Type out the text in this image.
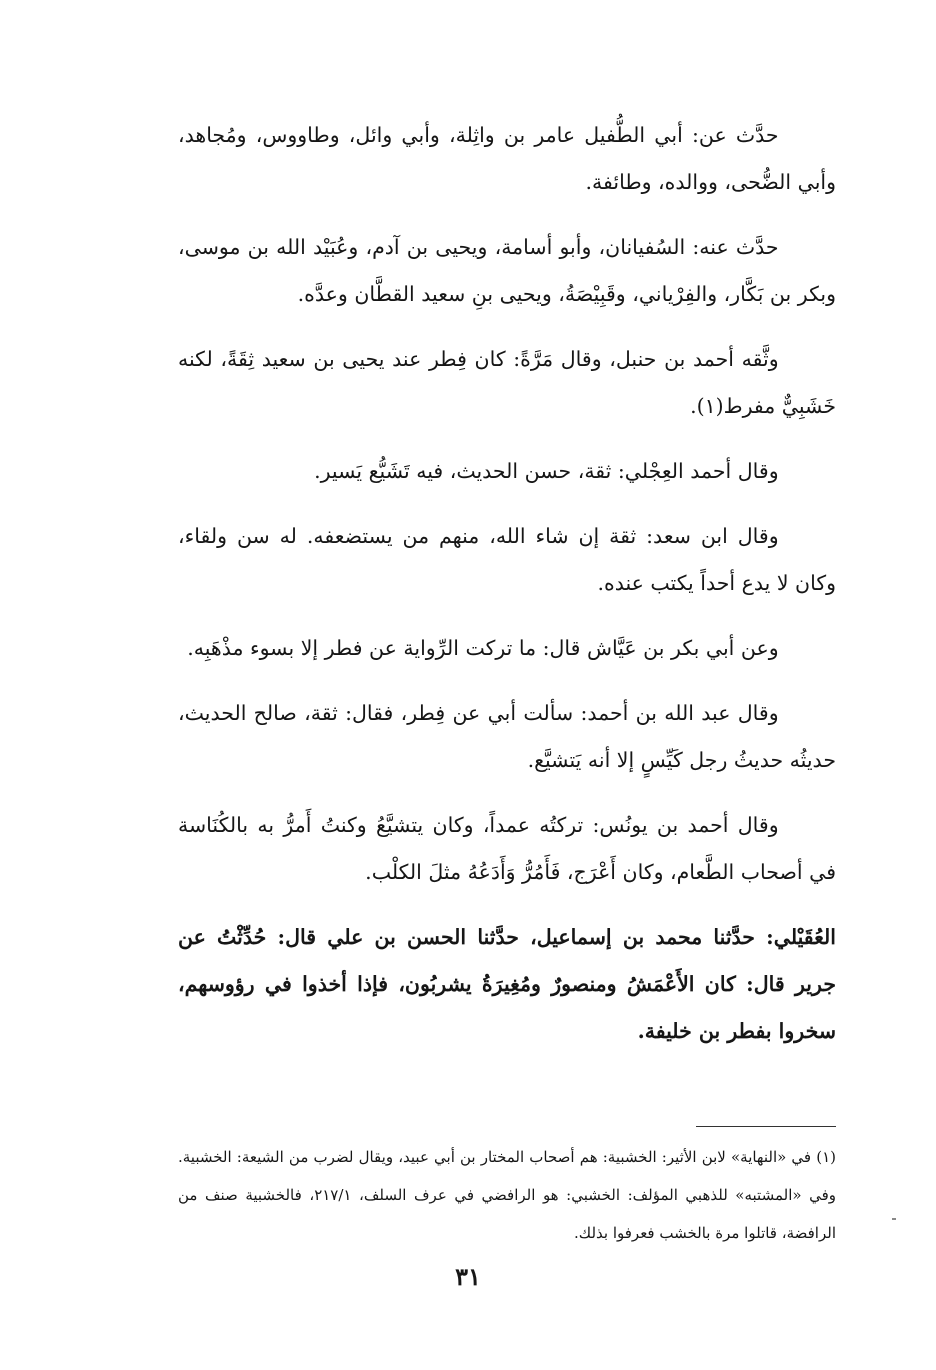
حدَّث عن: أبي الطُّفيل عامر بن واثِلة، وأبي وائل، وطاووس، ومُجاهد، وأبي الضُّحى، ووالده، وطائفة.

حدَّث عنه: السُفيانان، وأبو أسامة، ويحيى بن آدم، وعُبَيْد الله بن موسى، وبكر بن بَكَّار، والفِرْياني، وقَبِيْصَةُ، ويحيى بنِ سعيد القطَّان وعدَّه.

وثَّقه أحمد بن حنبل، وقال مَرَّةً: كان فِطر عند يحيى بن سعيد ثِقَةً، لكنه خَشَبِيٌّ مفرط(١).

وقال أحمد العِجْلي: ثقة، حسن الحديث، فيه تَشَيُّع يَسير.

وقال ابن سعد: ثقة إن شاء الله، منهم من يستضعفه. له سن ولقاء، وكان لا يدع أحداً يكتب عنده.

وعن أبي بكر بن عَيَّاش قال: ما تركت الرِّواية عن فطر إلا بسوء مذْهَبِه.

وقال عبد الله بن أحمد: سألت أبي عن فِطر، فقال: ثقة، صالح الحديث، حديثُه حديثُ رجل كَيِّسٍ إلا أنه يَتشيَّع.

وقال أحمد بن يونُس: تركتُه عمداً، وكان يتشيَّعُ وكنتُ أَمرُّ به بالكُنَاسة في أصحاب الطَّعام، وكان أَعْرَج، فَأَمُرُّ وَأَدَعُهُ مثلَ الكلْب.

العُقَيْلي: حدَّثنا محمد بن إسماعيل، حدَّثنا الحسن بن علي قال: حُدِّثْتُ عن جرير قال: كان الأَعْمَشُ ومنصورٌ ومُغِيرَةُ يشربُون، فإذا أخذوا في رؤوسهم، سخروا بفطر بن خليفة.

(١) في «النهاية» لابن الأثير: الخشبية: هم أصحاب المختار بن أبي عبيد، ويقال لضرب من الشيعة: الخشبية. وفي «المشتبه» للذهبي المؤلف: الخشبي: هو الرافضي في عرف السلف، ٢١٧/١، فالخشبية صنف من الرافضة، قاتلوا مرة بالخشب فعرفوا بذلك.
٣١
